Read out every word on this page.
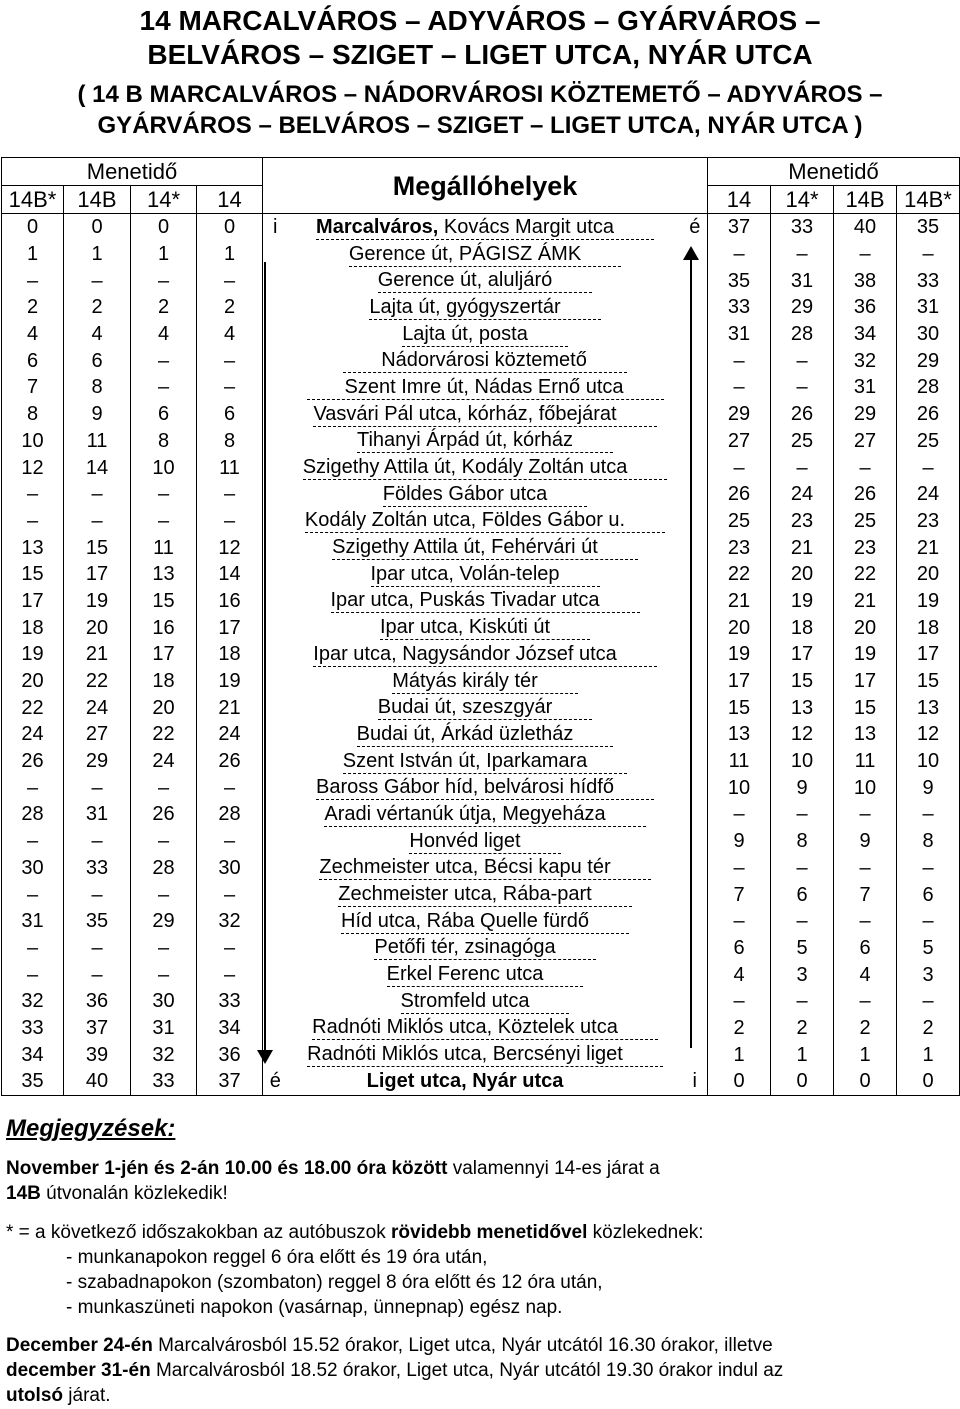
14 MARCALVÁROS – ADYVÁROS – GYÁRVÁROS –
BELVÁROS – SZIGET – LIGET UTCA, NYÁR UTCA
( 14 B MARCALVÁROS – NÁDORVÁROSI KÖZTEMETŐ – ADYVÁROS –
GYÁRVÁROS – BELVÁROS – SZIGET – LIGET UTCA, NYÁR UTCA )
Menetidő				Megállóhelyek			Menetidő			
14B*	14B	14*	14				14	14*	14B	14B*
0	0	0	0	i	Marcalváros, Kovács Margit utca	é	37	33	40	35
1	1	1	1		Gerence út, PÁGISZ ÁMK		–	–	–	–
–	–	–	–		Gerence út, aluljáró		35	31	38	33
2	2	2	2		Lajta út, gyógyszertár		33	29	36	31
4	4	4	4		Lajta út, posta		31	28	34	30
6	6	–	–		Nádorvárosi köztemető		–	–	32	29
7	8	–	–		Szent Imre út, Nádas Ernő utca		–	–	31	28
8	9	6	6		Vasvári Pál utca, kórház, főbejárat		29	26	29	26
10	11	8	8		Tihanyi Árpád út, kórház		27	25	27	25
12	14	10	11		Szigethy Attila út, Kodály Zoltán utca		–	–	–	–
–	–	–	–		Földes Gábor utca		26	24	26	24
–	–	–	–		Kodály Zoltán utca, Földes Gábor u.		25	23	25	23
13	15	11	12		Szigethy Attila út, Fehérvári út		23	21	23	21
15	17	13	14		Ipar utca, Volán-telep		22	20	22	20
17	19	15	16		Ipar utca, Puskás Tivadar utca		21	19	21	19
18	20	16	17		Ipar utca, Kiskúti út		20	18	20	18
19	21	17	18		Ipar utca, Nagysándor József utca		19	17	19	17
20	22	18	19		Mátyás király tér		17	15	17	15
22	24	20	21		Budai út, szeszgyár		15	13	15	13
24	27	22	24		Budai út, Árkád üzletház		13	12	13	12
26	29	24	26		Szent István út, Iparkamara		11	10	11	10
–	–	–	–		Baross Gábor híd, belvárosi hídfő		10	9	10	9
28	31	26	28		Aradi vértanúk útja, Megyeháza		–	–	–	–
–	–	–	–		Honvéd liget		9	8	9	8
30	33	28	30		Zechmeister utca, Bécsi kapu tér		–	–	–	–
–	–	–	–		Zechmeister utca, Rába-part		7	6	7	6
31	35	29	32		Híd utca, Rába Quelle fürdő		–	–	–	–
–	–	–	–		Petőfi tér, zsinagóga		6	5	6	5
–	–	–	–		Erkel Ferenc utca		4	3	4	3
32	36	30	33		Stromfeld utca		–	–	–	–
33	37	31	34		Radnóti Miklós utca, Köztelek utca		2	2	2	2
34	39	32	36		Radnóti Miklós utca, Bercsényi liget		1	1	1	1
35	40	33	37	é	Liget utca, Nyár utca	i	0	0	0	0
Megjegyzések:
November 1-jén és 2-án 10.00 és 18.00 óra között valamennyi 14-es járat a
14B útvonalán közlekedik!
* = a következő időszakokban az autóbuszok rövidebb menetidővel közlekednek:
- munkanapokon reggel 6 óra előtt és 19 óra után,
- szabadnapokon (szombaton) reggel 8 óra előtt és 12 óra után,
- munkaszüneti napokon (vasárnap, ünnepnap) egész nap.
December 24-én Marcalvárosból 15.52 órakor, Liget utca, Nyár utcától 16.30 órakor, illetve
december 31-én Marcalvárosból 18.52 órakor, Liget utca, Nyár utcától 19.30 órakor indul az
utolsó járat.
